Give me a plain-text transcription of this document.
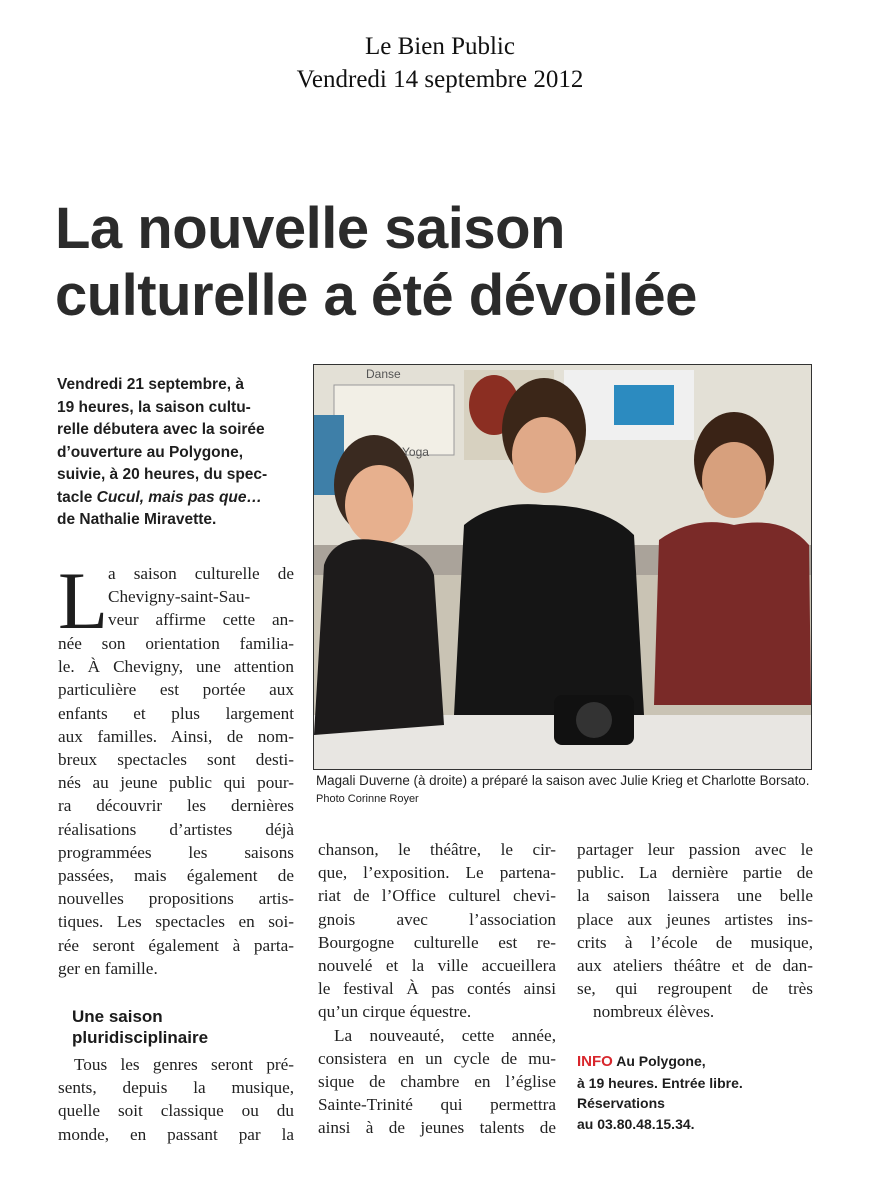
Le Bien Public
Vendredi 14 septembre 2012
La nouvelle saison
culturelle a été dévoilée
Vendredi 21 septembre, à
19 heures, la saison cultu-
relle débutera avec la soirée
d’ouverture au Polygone,
suivie, à 20 heures, du spec-
tacle Cucul, mais pas que…
de Nathalie Miravette.
L a saison culturelle de
Chevigny-saint-Sau-
veur affirme cette an-
née son orientation familia-
le. À Chevigny, une attention
particulière est portée aux
enfants et plus largement
aux familles. Ainsi, de nom-
breux spectacles sont desti-
nés au jeune public qui pour-
ra découvrir les dernières
réalisations d’artistes déjà
programmées les saisons
passées, mais également de
nouvelles propositions artis-
tiques. Les spectacles en soi-
rée seront également à parta-
ger en famille.
Une saison
pluridisciplinaire
Tous les genres seront pré-
sents, depuis la musique,
quelle soit classique ou du
monde, en passant par la
Danse
Yoga
Magali Duverne (à droite) a préparé la saison avec Julie Krieg et Charlotte Borsato. Photo Corinne Royer
chanson, le théâtre, le cir-
que, l’exposition. Le partena-
riat de l’Office culturel chevi-
gnois avec l’association
Bourgogne culturelle est re-
nouvelé et la ville accueillera
le festival À pas contés ainsi
qu’un cirque équestre.
La nouveauté, cette année,
consistera en un cycle de mu-
sique de chambre en l’église
Sainte-Trinité qui permettra
ainsi à de jeunes talents de
partager leur passion avec le
public. La dernière partie de
la saison laissera une belle
place aux jeunes artistes ins-
crits à l’école de musique,
aux ateliers théâtre et de dan-
se, qui regroupent de très
nombreux élèves.
INFO Au Polygone,
à 19 heures. Entrée libre.
Réservations
au 03.80.48.15.34.
